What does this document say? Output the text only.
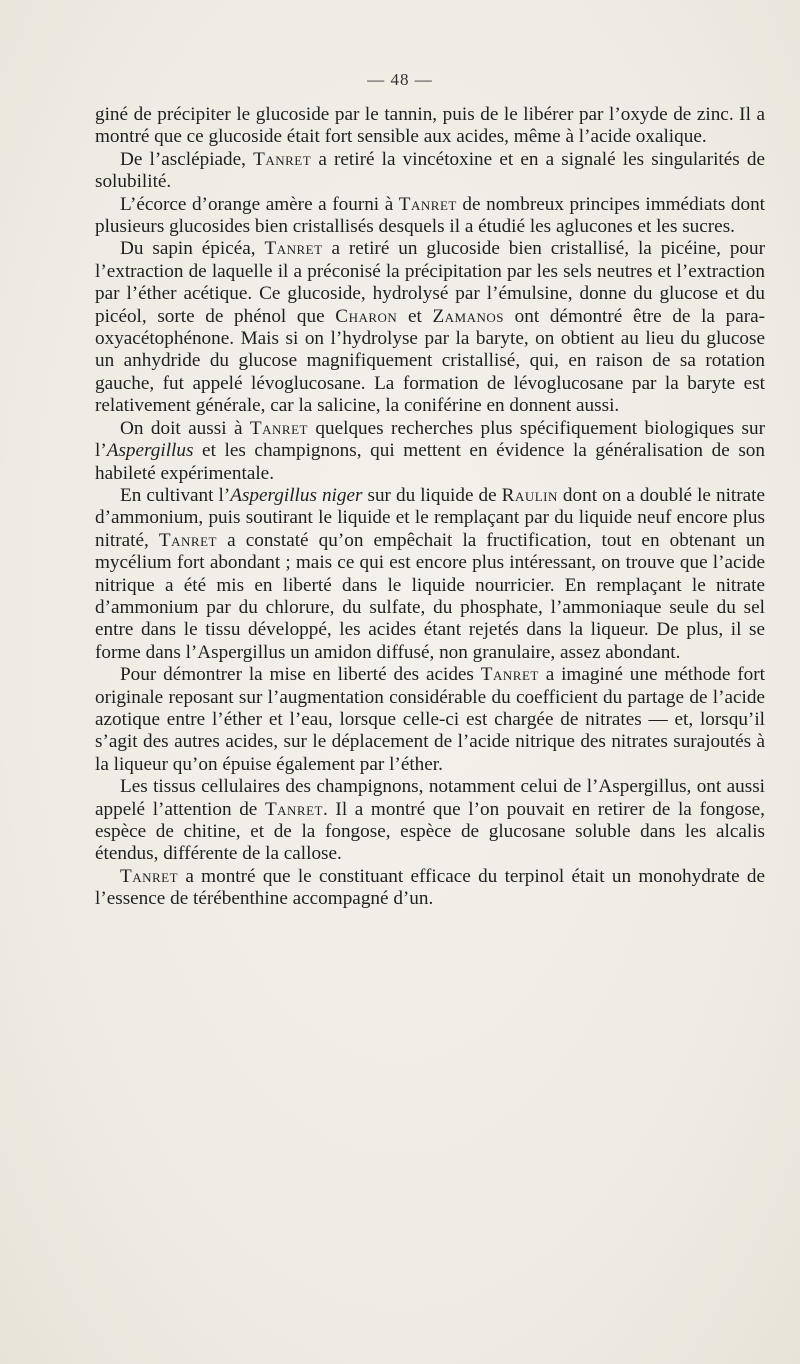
— 48 —

giné de précipiter le glucoside par le tannin, puis de le libérer par l’oxyde de zinc. Il a montré que ce glucoside était fort sensible aux acides, même à l’acide oxalique.

De l’asclépiade, Tanret a retiré la vincétoxine et en a signalé les singularités de solubilité.

L’écorce d’orange amère a fourni à Tanret de nombreux principes immédiats dont plusieurs glucosides bien cristallisés desquels il a étudié les aglucones et les sucres.

Du sapin épicéa, Tanret a retiré un glucoside bien cristallisé, la picéine, pour l’extraction de laquelle il a préconisé la précipitation par les sels neutres et l’extraction par l’éther acétique. Ce glucoside, hydrolysé par l’émulsine, donne du glucose et du picéol, sorte de phénol que Charon et Zamanos ont démontré être de la para-oxyacétophénone. Mais si on l’hydrolyse par la baryte, on obtient au lieu du glucose un anhydride du glucose magnifiquement cristallisé, qui, en raison de sa rotation gauche, fut appelé lévoglucosane. La formation de lévoglucosane par la baryte est relativement générale, car la salicine, la coniférine en donnent aussi.

On doit aussi à Tanret quelques recherches plus spécifiquement biologiques sur l’Aspergillus et les champignons, qui mettent en évidence la généralisation de son habileté expérimentale.

En cultivant l’Aspergillus niger sur du liquide de Raulin dont on a doublé le nitrate d’ammonium, puis soutirant le liquide et le remplaçant par du liquide neuf encore plus nitraté, Tanret a constaté qu’on empêchait la fructification, tout en obtenant un mycélium fort abondant ; mais ce qui est encore plus intéressant, on trouve que l’acide nitrique a été mis en liberté dans le liquide nourricier. En remplaçant le nitrate d’ammonium par du chlorure, du sulfate, du phosphate, l’ammoniaque seule du sel entre dans le tissu développé, les acides étant rejetés dans la liqueur. De plus, il se forme dans l’Aspergillus un amidon diffusé, non granulaire, assez abondant.

Pour démontrer la mise en liberté des acides Tanret a imaginé une méthode fort originale reposant sur l’augmentation considérable du coefficient du partage de l’acide azotique entre l’éther et l’eau, lorsque celle-ci est chargée de nitrates — et, lorsqu’il s’agit des autres acides, sur le déplacement de l’acide nitrique des nitrates surajoutés à la liqueur qu’on épuise également par l’éther.

Les tissus cellulaires des champignons, notamment celui de l’Aspergillus, ont aussi appelé l’attention de Tanret. Il a montré que l’on pouvait en retirer de la fongose, espèce de chitine, et de la fongose, espèce de glucosane soluble dans les alcalis étendus, différente de la callose.

Tanret a montré que le constituant efficace du terpinol était un monohydrate de l’essence de térébenthine accompagné d’un.
